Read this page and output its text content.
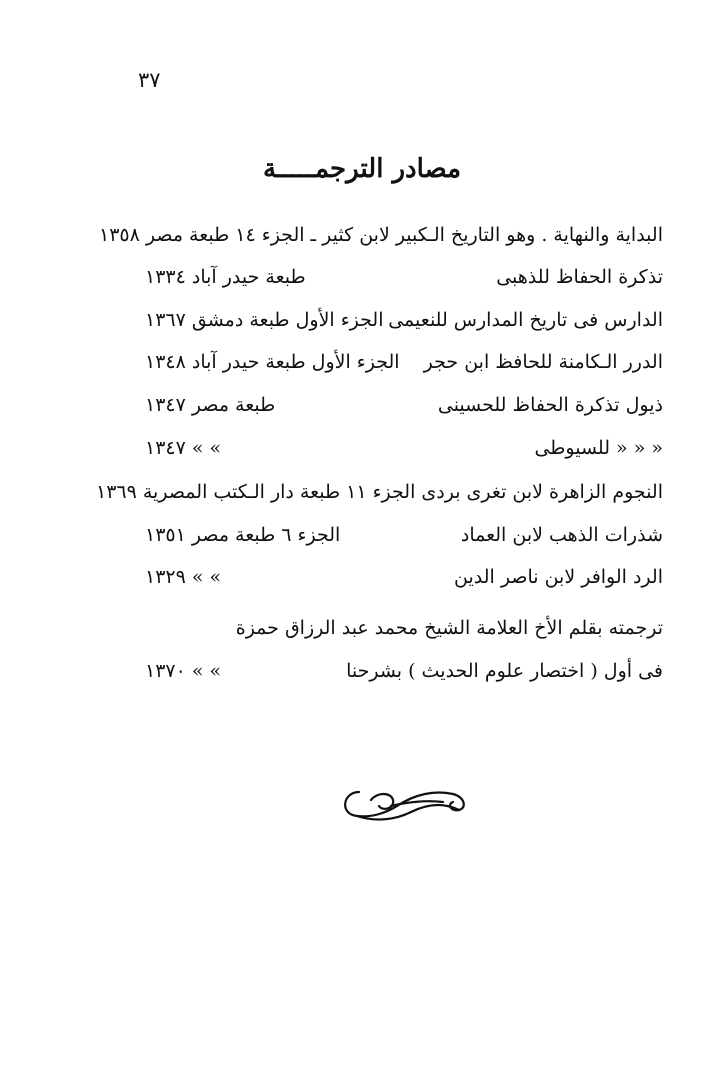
٣٧
مصادر الترجمـــــة
البداية والنهاية . وهو التاريخ الـكبير لابن كثير ـ الجزء ١٤ طبعة مصر ١٣٥٨
تذكرة الحفاظ للذهبى
طبعة حيدر آباد ١٣٣٤
الدارس فى تاريخ المدارس للنعيمى
الجزء الأول طبعة دمشق ١٣٦٧
الدرر الـكامنة للحافظ ابن حجر
الجزء الأول طبعة حيدر آباد ١٣٤٨
ذيول تذكرة الحفاظ للحسينى
طبعة مصر ١٣٤٧
« « « للسيوطى
» » ١٣٤٧
النجوم الزاهرة لابن تغرى بردى الجزء ١١ طبعة دار الـكتب المصرية ١٣٦٩
شذرات الذهب لابن العماد
الجزء ٦ طبعة مصر ١٣٥١
الرد الوافر لابن ناصر الدين
» » ١٣٢٩
ترجمته بقلم الأخ العلامة الشيخ محمد عبد الرزاق حمزة
فى أول ( اختصار علوم الحديث ) بشرحنا
» » ١٣٧٠
